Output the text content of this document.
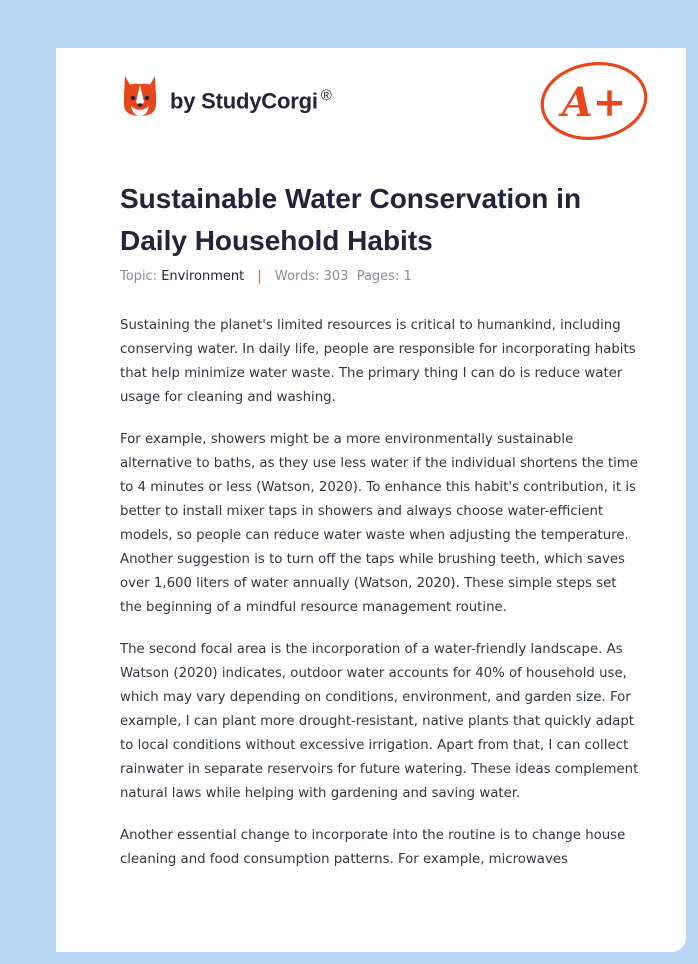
by StudyCorgi ®	A+
Sustainable Water Conservation in Daily Household Habits
Topic: Environment | Words: 303 Pages: 1

Sustaining the planet's limited resources is critical to humankind, including conserving water. In daily life, people are responsible for incorporating habits that help minimize water waste. The primary thing I can do is reduce water usage for cleaning and washing.

For example, showers might be a more environmentally sustainable alternative to baths, as they use less water if the individual shortens the time to 4 minutes or less (Watson, 2020). To enhance this habit's contribution, it is better to install mixer taps in showers and always choose water-efficient models, so people can reduce water waste when adjusting the temperature. Another suggestion is to turn off the taps while brushing teeth, which saves over 1,600 liters of water annually (Watson, 2020). These simple steps set the beginning of a mindful resource management routine.

The second focal area is the incorporation of a water-friendly landscape. As Watson (2020) indicates, outdoor water accounts for 40% of household use, which may vary depending on conditions, environment, and garden size. For example, I can plant more drought-resistant, native plants that quickly adapt to local conditions without excessive irrigation. Apart from that, I can collect rainwater in separate reservoirs for future watering. These ideas complement natural laws while helping with gardening and saving water.

Another essential change to incorporate into the routine is to change house cleaning and food consumption patterns. For example, microwaves
